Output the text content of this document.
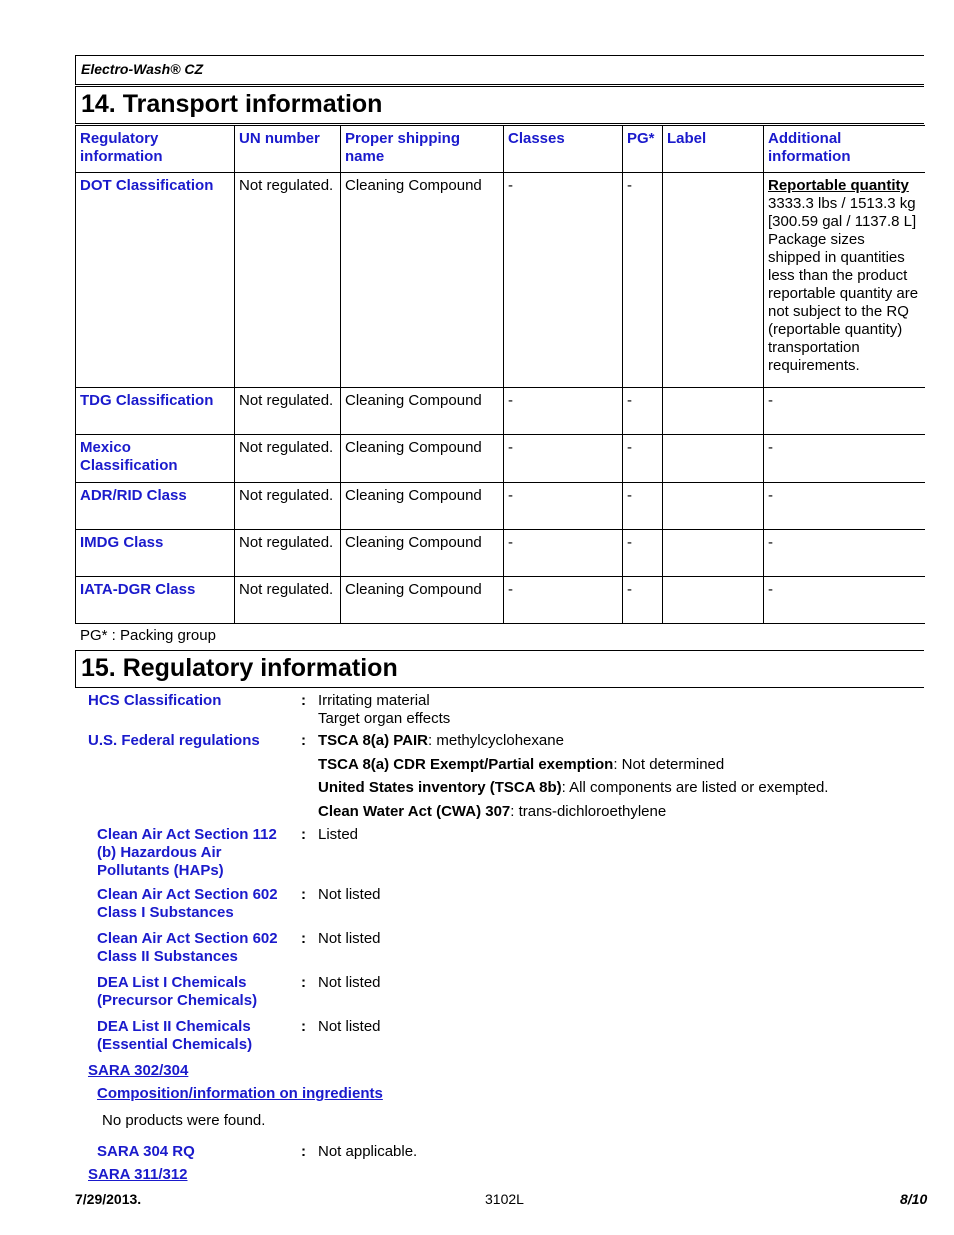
Electro-Wash® CZ
14. Transport information
Regulatory information	UN number	Proper shipping name	Classes	PG*	Label	Additional information
DOT Classification	Not regulated.	Cleaning Compound	-	-		Reportable quantity
3333.3 lbs / 1513.3 kg [300.59 gal / 1137.8 L] Package sizes shipped in quantities less than the product reportable quantity are not subject to the RQ (reportable quantity) transportation requirements.

TDG Classification	Not regulated.	Cleaning Compound	-	-		-
Mexico Classification	Not regulated.	Cleaning Compound	-	-		-
ADR/RID Class	Not regulated.	Cleaning Compound	-	-		-
IMDG Class	Not regulated.	Cleaning Compound	-	-		-
IATA-DGR Class	Not regulated.	Cleaning Compound	-	-		-
PG* : Packing group
15. Regulatory information
HCS Classification	: Irritating material
Target organ effects
U.S. Federal regulations	: TSCA 8(a) PAIR: methylcyclohexane
TSCA 8(a) CDR Exempt/Partial exemption: Not determined
United States inventory (TSCA 8b): All components are listed or exempted.
Clean Water Act (CWA) 307: trans-dichloroethylene
Clean Air Act Section 112
(b) Hazardous Air
Pollutants (HAPs)
: Listed
Clean Air Act Section 602
Class I Substances
: Not listed
Clean Air Act Section 602
Class II Substances
: Not listed
DEA List I Chemicals
(Precursor Chemicals)
: Not listed
DEA List II Chemicals
(Essential Chemicals)
: Not listed
SARA 302/304
Composition/information on ingredients
No products were found.
SARA 304 RQ	: Not applicable.
SARA 311/312
7/29/2013.	3102L	8/10
